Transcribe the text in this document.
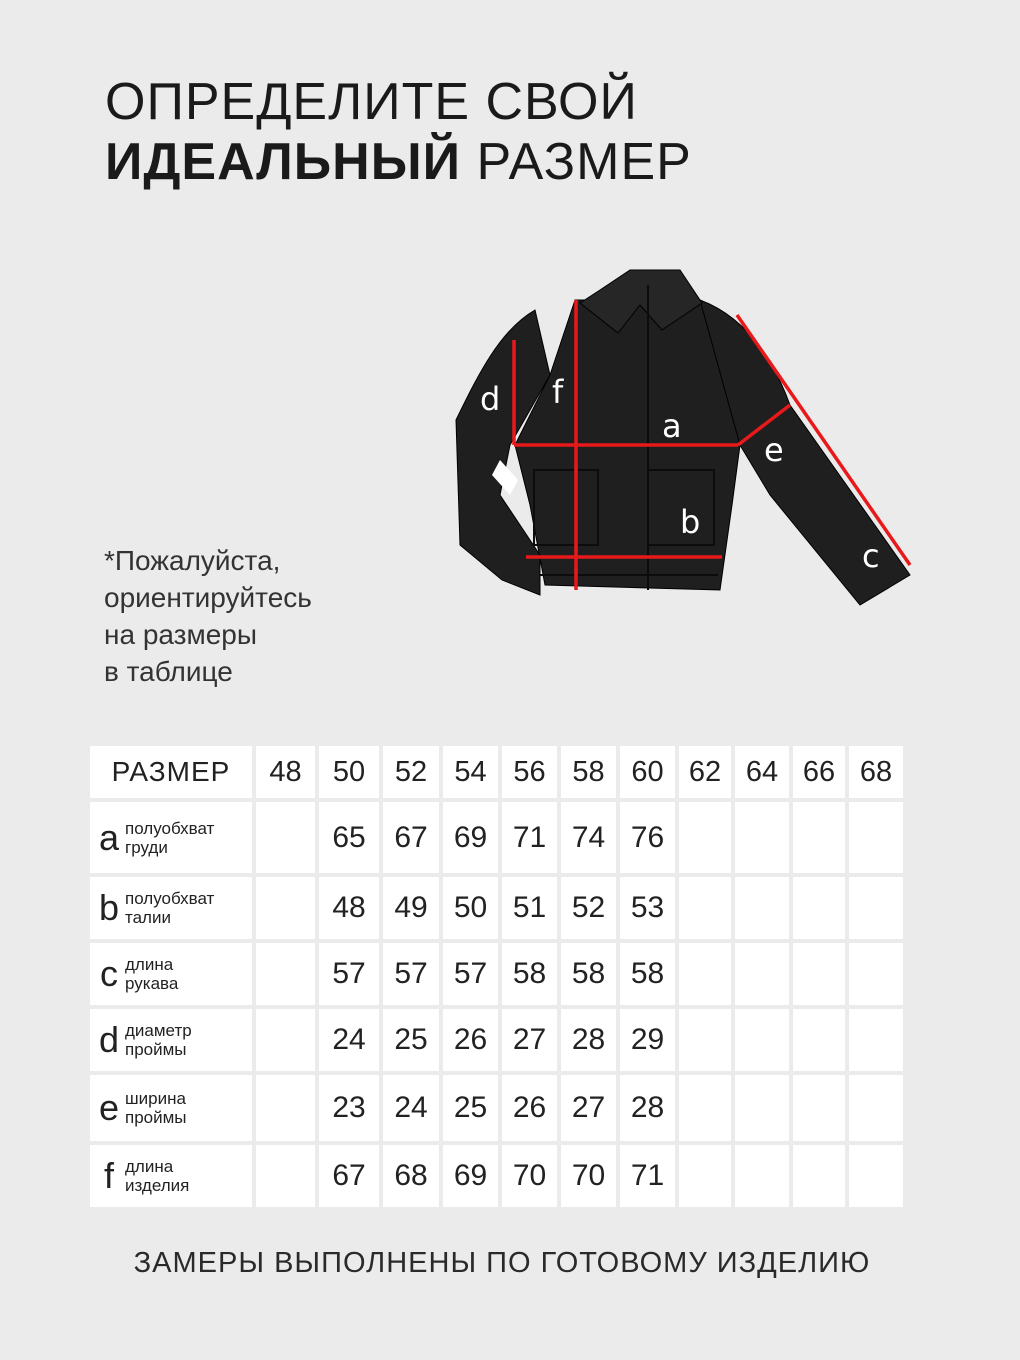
ОПРЕДЕЛИТЕ СВОЙ
ИДЕАЛЬНЫЙ РАЗМЕР
*Пожалуйста,
ориентируйтесь
на размеры
в таблице
a
b
c
d
e
f
РАЗМЕР	48	50	52	54	56	58	60	62	64	66	68

a полуобхват
груди		65	67	69	71	74	76				

b полуобхват
талии		48	49	50	51	52	53				

c длина
рукава		57	57	57	58	58	58				

d диаметр
проймы		24	25	26	27	28	29				

e ширина
проймы		23	24	25	26	27	28				

f длина
изделия		67	68	69	70	70	71				
ЗАМЕРЫ ВЫПОЛНЕНЫ ПО ГОТОВОМУ ИЗДЕЛИЮ
